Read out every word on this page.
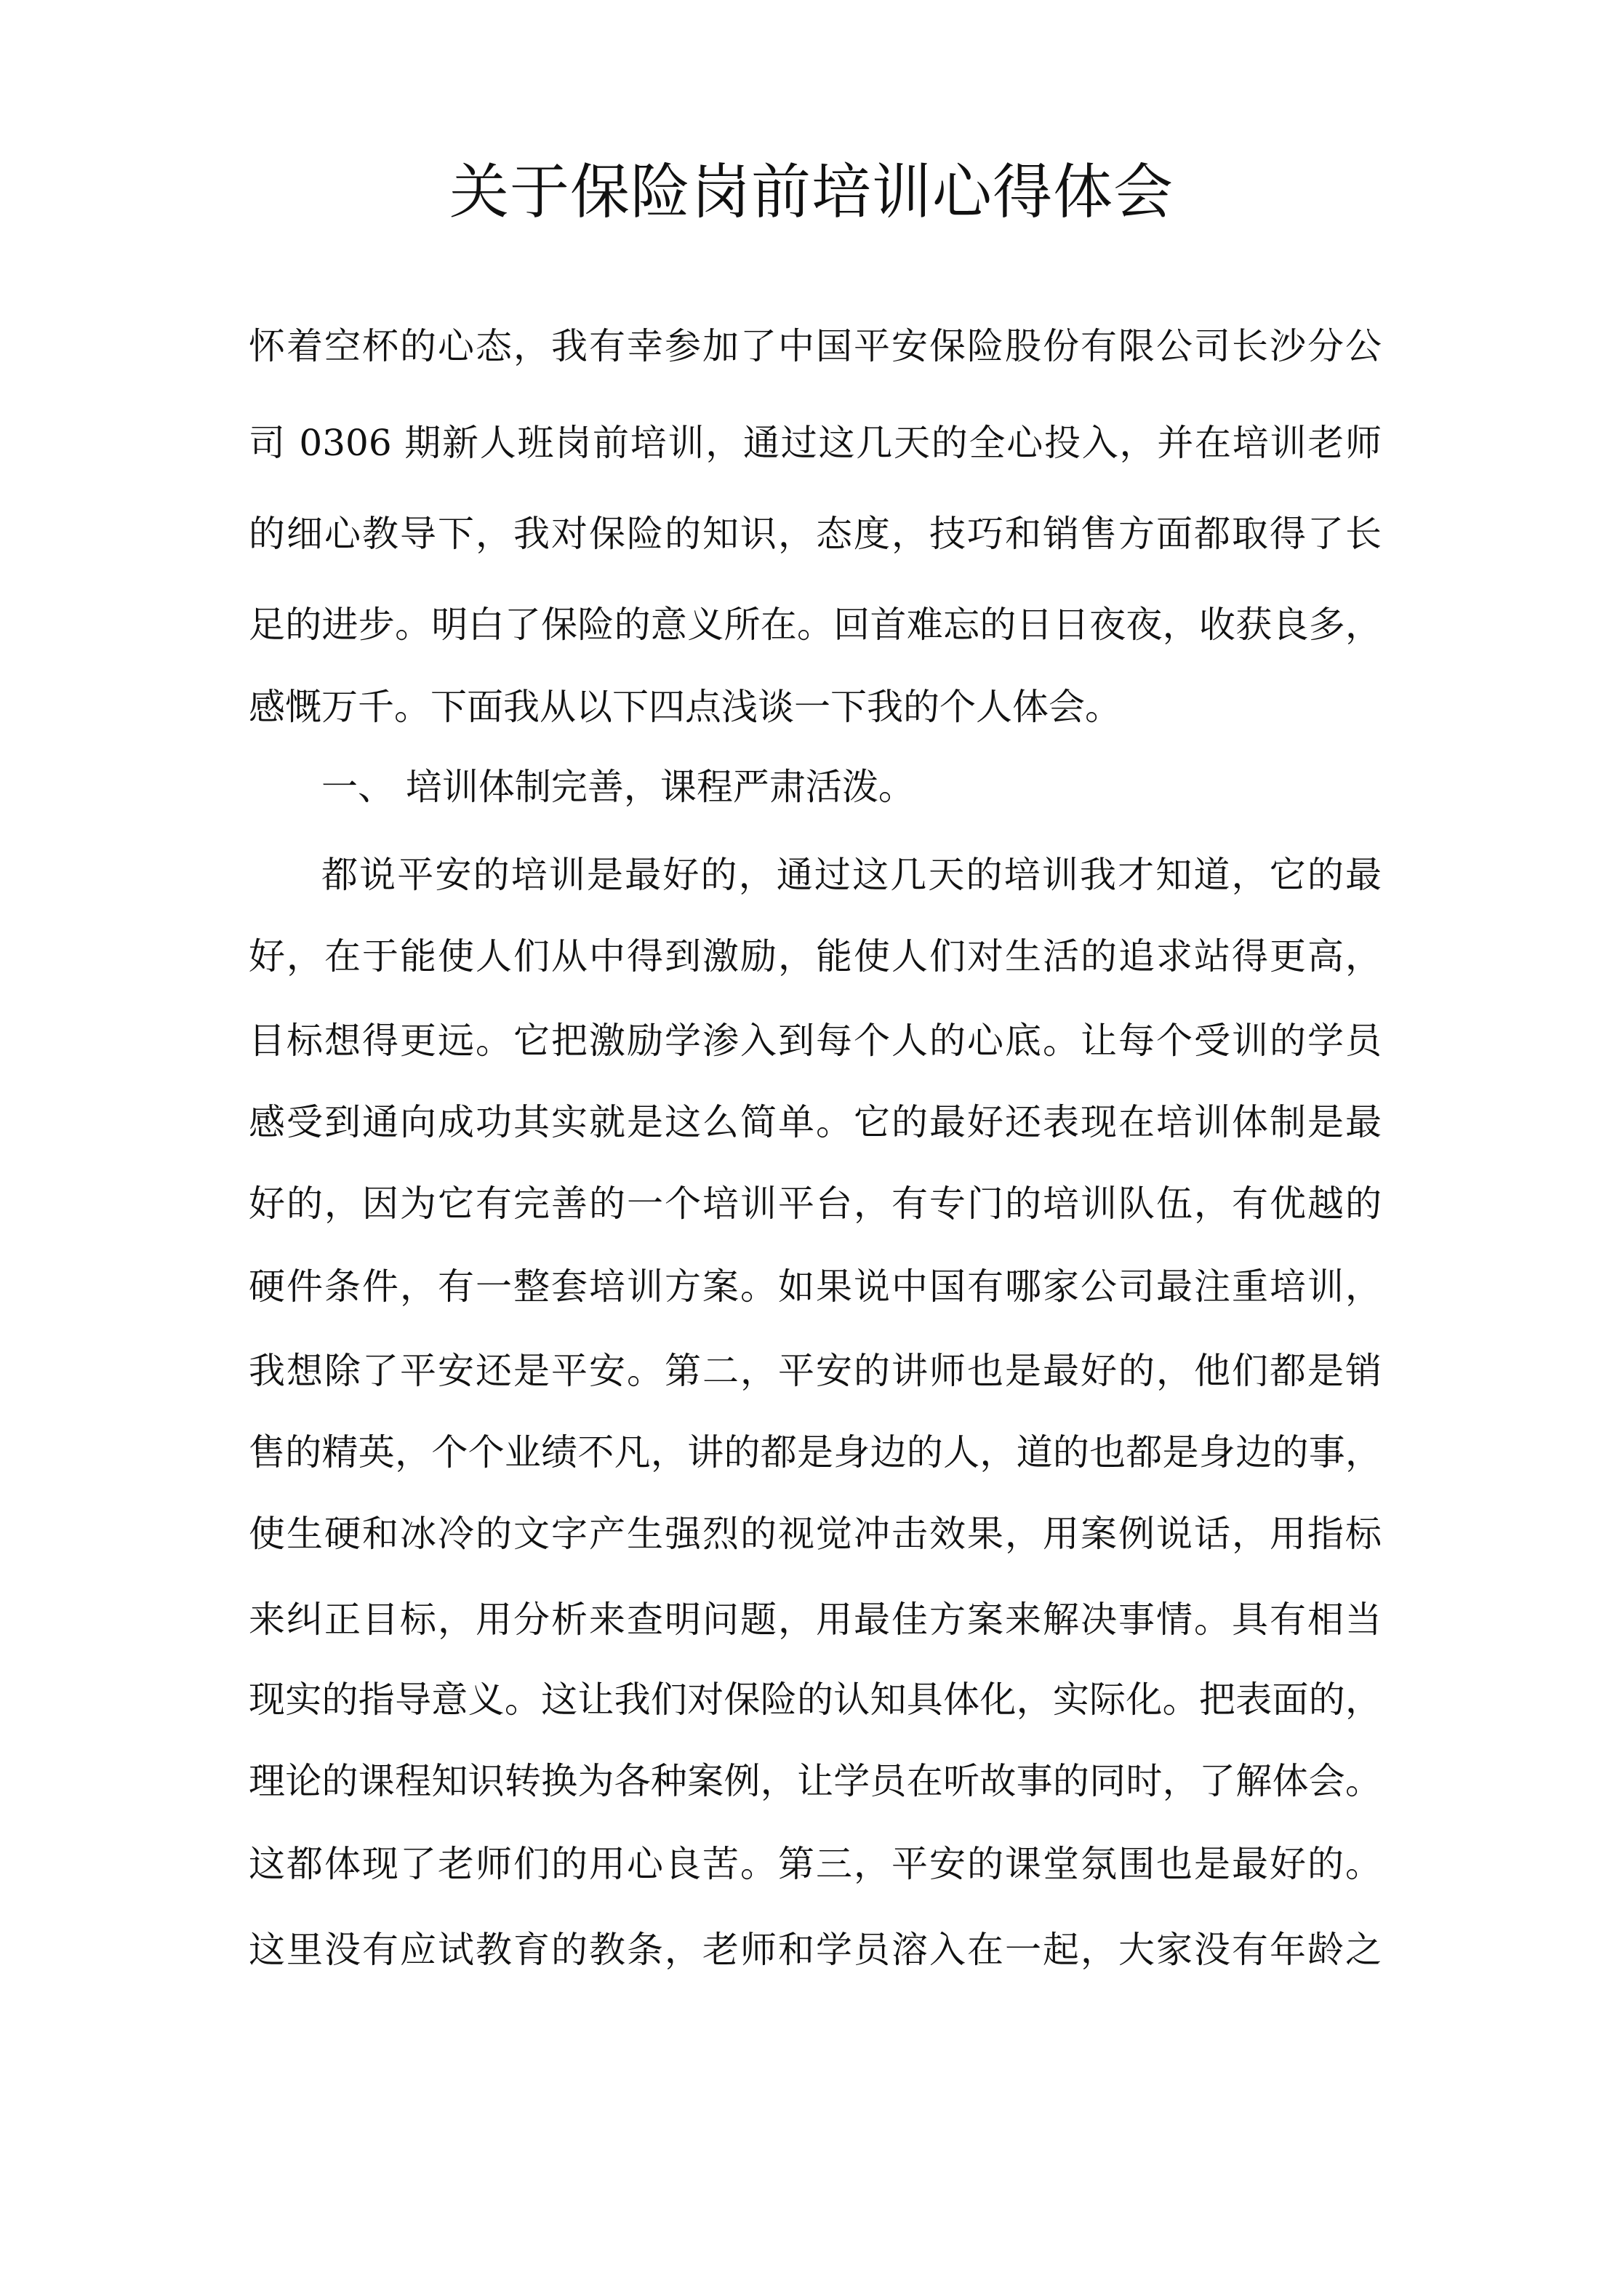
关于保险岗前培训心得体会
怀着空杯的心态，我有幸参加了中国平安保险股份有限公司长沙分公
司 0306 期新人班岗前培训，通过这几天的全心投入，并在培训老师
的细心教导下，我对保险的知识，态度，技巧和销售方面都取得了长
足的进步。明白了保险的意义所在。回首难忘的日日夜夜，收获良多，
感慨万千。下面我从以下四点浅谈一下我的个人体会。
一、 培训体制完善，课程严肃活泼。
都说平安的培训是最好的，通过这几天的培训我才知道，它的最
好，在于能使人们从中得到激励，能使人们对生活的追求站得更高，
目标想得更远。它把激励学渗入到每个人的心底。让每个受训的学员
感受到通向成功其实就是这么简单。它的最好还表现在培训体制是最
好的，因为它有完善的一个培训平台，有专门的培训队伍，有优越的
硬件条件，有一整套培训方案。如果说中国有哪家公司最注重培训，
我想除了平安还是平安。第二，平安的讲师也是最好的，他们都是销
售的精英，个个业绩不凡，讲的都是身边的人，道的也都是身边的事，
使生硬和冰冷的文字产生强烈的视觉冲击效果，用案例说话，用指标
来纠正目标，用分析来查明问题，用最佳方案来解决事情。具有相当
现实的指导意义。这让我们对保险的认知具体化，实际化。把表面的，
理论的课程知识转换为各种案例，让学员在听故事的同时，了解体会。
这都体现了老师们的用心良苦。第三，平安的课堂氛围也是最好的。
这里没有应试教育的教条，老师和学员溶入在一起，大家没有年龄之
